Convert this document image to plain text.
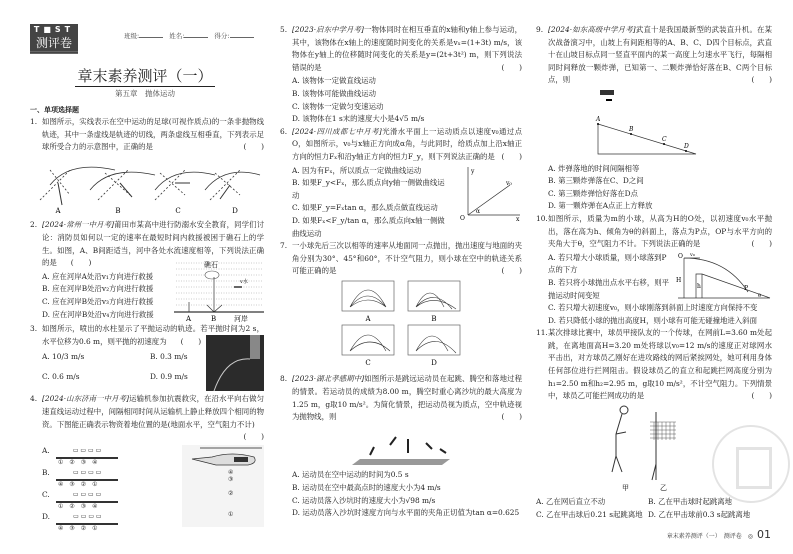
T■ST
测评卷	班级:	姓名:	得分:
章末素养测评（一）
第五章　抛体运动
一、单项选择题
1. 如图所示，实线表示在空中运动的足球(可视作质点)的一条非抛物线轨迹，其中一条虚线是轨迹的切线，两条虚线互相垂直，下列表示足球所受合力的示意图中，正确的是	(　　)
A	B	C	D
2. [2024·常州一中月考]莆田市某高中进行防溺水安全教育，同学们讨论：消防员如何以一定的速率在最短时间内救援被困于礁石上的学生。如图，A、B间距适当，河中各处水流速度相等，下列说法正确的是 (　　)
A. 应在河岸A处沿v₁方向进行救援
B. 应在河岸B处沿v₂方向进行救援
C. 应在河岸B处沿v₃方向进行救援
D. 应在河岸B处沿v₄方向进行救援
礁石
v水
A	B	河岸
3. 如图所示，喷出的水柱显示了平抛运动的轨迹。若平抛时间为2 s，水平位移为0.6 m，则平抛的初速度为 (　　)
A. 10/3 m/s	B. 0.3 m/s
C. 0.6 m/s	D. 0.9 m/s
4. [2024·山东济南一中月考]运输机参加抗震救灾，在沿水平向右做匀速直线运动过程中，间隔相同时间从运输机上静止释放四个相同的物资。下图能正确表示物资着地位置的是(地面水平，空气阻力不计)
(　　)
A.	▭ ▭ ▭ ▭
①　②　③　④
B.	▭ ▭ ▭ ▭
④　③　②　①
C.	▭ ▭ ▭ ▭
①　②　③　④
D.	▭ ▭ ▭ ▭
④　③　②　①
④
③
②
①
5. [2023·启东中学月考]一物体同时在相互垂直的x轴和y轴上参与运动，其中，该物体在x轴上的速度随时间变化的关系是vₓ=(1+3t) m/s，该物体在y轴上的位移随时间变化的关系是y=(2t+3t²) m，则下列说法错误的是	(　　)
A. 该物体一定做直线运动
B. 该物体可能做曲线运动
C. 该物体一定做匀变速运动
D. 该物体在1 s末的速度大小是4√5 m/s
6. [2024·四川成都七中月考]光滑水平面上一运动质点以速度v₀通过点O，如图所示，v₀与x轴正方向成α角，与此同时，给质点加上沿x轴正方向的恒力Fₓ和沿y轴正方向的恒力F_y，则下列说法正确的是 (　　)
A. 因为有Fₓ，所以质点一定做曲线运动
B. 如果F_y<Fₓ，那么质点向y轴一侧做曲线运动
C. 如果F_y=Fₓtan α，那么质点做直线运动
D. 如果Fₓ<F_y/tan α，那么质点向x轴一侧做曲线运动
y
x
O
v₀
α
7. 一小球先后三次以相等的速率从地面同一点抛出，抛出速度与地面的夹角分别为30°、45°和60°，不计空气阻力，则小球在空中的轨迹关系可能正确的是	(　　)
A	B
C	D
8. [2023·湖北孝感期中]如图所示是跳远运动员在起跳、腾空和落地过程的情景。若运动员的成绩为8.00 m，腾空时重心离沙坑的最大高度为1.25 m，g取10 m/s²。为简化情景，把运动员视为质点，空中轨迹视为抛物线，则	(　　)
A. 运动员在空中运动的时间为0.5 s
B. 运动员在空中最高点时的速度大小为4 m/s
C. 运动员落入沙坑时的速度大小为√98 m/s
D. 运动员落入沙坑时速度方向与水平面的夹角正切值为tan α=0.625
9. [2024·如东高级中学月考]武直十是我国最新型的武装直升机。在某次战备演习中，山坡上有间距相等的A、B、C、D四个目标点，武直十在山坡目标点同一竖直平面内的某一高度上匀速水平飞行，每隔相同时间释放一颗炸弹，已知第一、二颗炸弹恰好落在B、C两个目标点，则	(　　)
A
B
C
D
A. 炸弹落地的时间间隔相等
B. 第三颗炸弹落在C、D之间
C. 第三颗炸弹恰好落在D点
D. 第一颗炸弹在A点正上方释放
10. 如图所示，质量为m的小球，从高为H的O处，以初速度v₀水平抛出，落在高为h、倾角为θ的斜面上，落点为P点，OP与水平方向的夹角大于θ，空气阻力不计。下列说法正确的是	(　　)
A. 若只增大小球质量，则小球落到P点的下方
B. 若只将小球抛出点水平右移，则平抛运动时间变短
O v₀
H
h	P
θ
C. 若只增大初速度v₀，则小球刚落到斜面上时速度方向保持不变
D. 若只降低小球的抛出高度H，则小球有可能无碰撞地进入斜面
11. 某次排球比赛中，球员甲接队友的一个传球，在网前L=3.60 m处起跳，在离地面高H=3.20 m处将球以v₀=12 m/s的速度正对球网水平击出，对方球员乙刚好在进攻路线的网后紧挨网处，她可利用身体任何部位进行拦网阻击。假设球员乙的直立和起跳拦网高度分别为h₁=2.50 m和h₂=2.95 m，g取10 m/s²，不计空气阻力。下列情景中，球员乙可能拦网成功的是	(　　)
甲	乙
A. 乙在网后直立不动	B. 乙在甲击球时起跳离地
C. 乙在甲击球后0.21 s起跳离地 D. 乙在甲击球前0.3 s起跳离地
章末素养测评（一）　测评卷 ◎ 01
